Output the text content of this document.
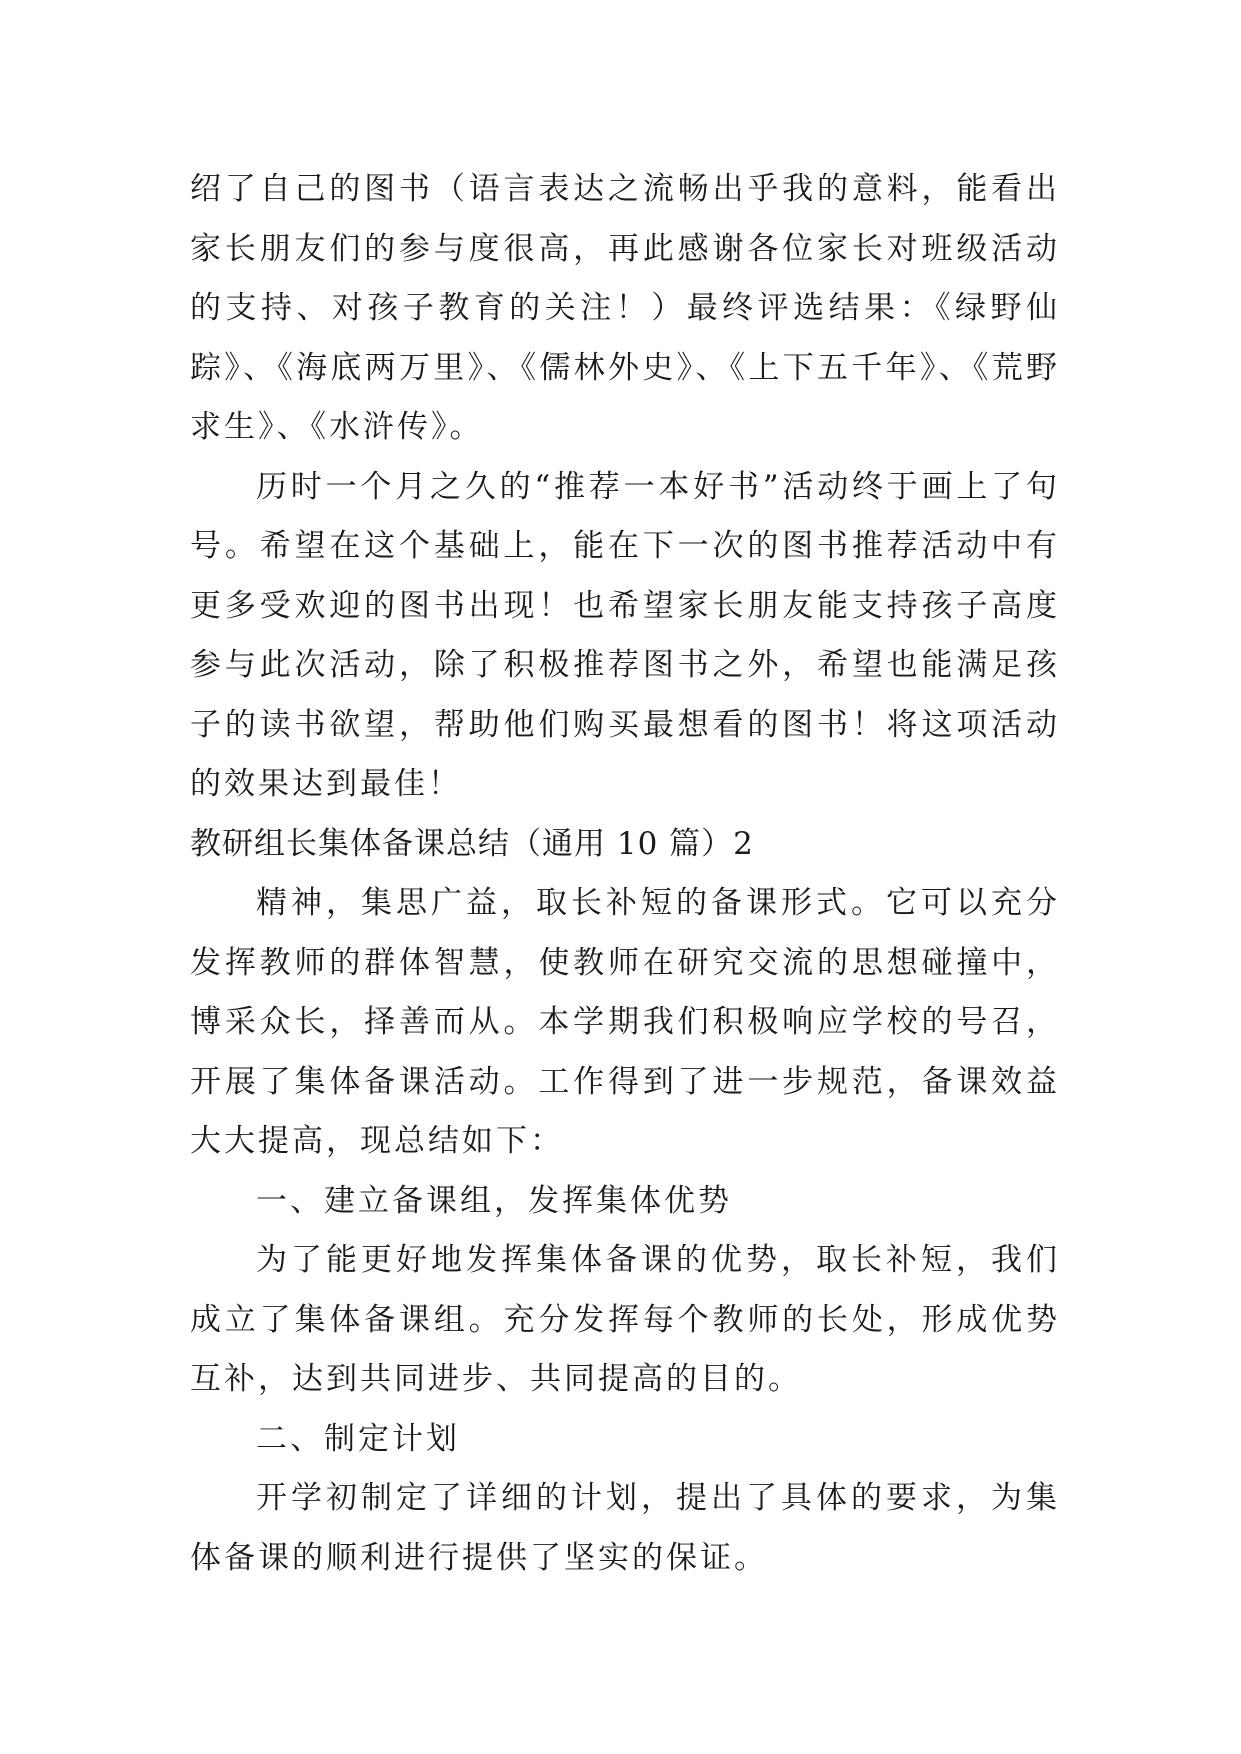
绍了自己的图书（语言表达之流畅出乎我的意料，能看出家长朋友们的参与度很高，再此感谢各位家长对班级活动的支持、对孩子教育的关注！）最终评选结果：《绿野仙踪》、《海底两万里》、《儒林外史》、《上下五千年》、《荒野求生》、《水浒传》。

历时一个月之久的“推荐一本好书”活动终于画上了句号。希望在这个基础上，能在下一次的图书推荐活动中有更多受欢迎的图书出现！也希望家长朋友能支持孩子高度参与此次活动，除了积极推荐图书之外，希望也能满足孩子的读书欲望，帮助他们购买最想看的图书！将这项活动的效果达到最佳！

教研组长集体备课总结（通用 10 篇）2

精神，集思广益，取长补短的备课形式。它可以充分发挥教师的群体智慧，使教师在研究交流的思想碰撞中，博采众长，择善而从。本学期我们积极响应学校的号召，开展了集体备课活动。工作得到了进一步规范，备课效益大大提高，现总结如下：

一、建立备课组，发挥集体优势

为了能更好地发挥集体备课的优势，取长补短，我们成立了集体备课组。充分发挥每个教师的长处，形成优势互补，达到共同进步、共同提高的目的。

二、制定计划

开学初制定了详细的计划，提出了具体的要求，为集体备课的顺利进行提供了坚实的保证。
